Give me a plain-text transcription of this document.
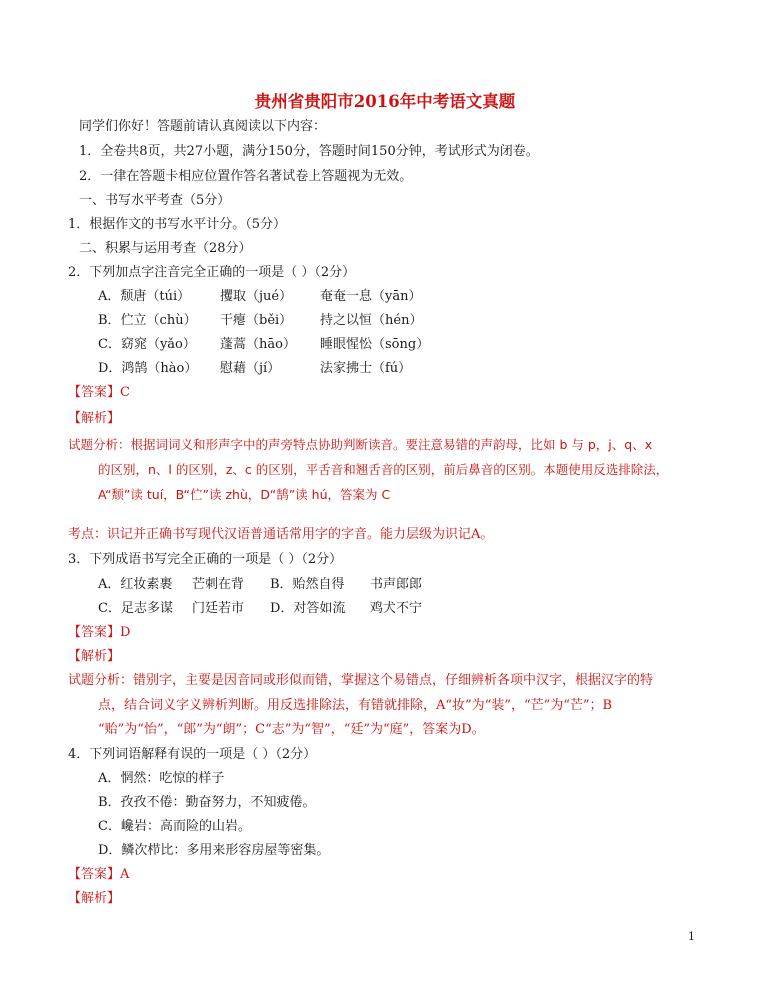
贵州省贵阳市2016年中考语文真题
同学们你好！答题前请认真阅读以下内容：
1．全卷共8页，共27小题，满分150分，答题时间150分钟，考试形式为闭卷。
2．一律在答题卡相应位置作答名著试卷上答题视为无效。
一、书写水平考查（5分）
1．根据作文的书写水平计分。（5分）
二、积累与运用考查（28分）
2．下列加点字注音完全正确的一项是（ ）（2分）
A．颓唐（túi） 攫取（jué） 奄奄一息（yān）
B．伫立（chù） 干瘪（běi） 持之以恒（hén）
C．窈窕（yǎo） 蓬蒿（hāo） 睡眼惺忪（sōng）
D．鸿鹄（hào） 慰藉（jí）	法家拂士（fú）
【答案】C
【解析】
试题分析：根据词词义和形声字中的声旁特点协助判断读音。要注意易错的声韵母，比如 b 与 p，j、q、x
的区别，n、l 的区别，z、c 的区别，平舌音和翘舌音的区别，前后鼻音的区别。本题使用反选排除法，
A“颓”读 tuí，B“伫”读 zhù，D“鹄”读 hú，答案为 C
考点：识记并正确书写现代汉语普通话常用字的字音。能力层级为识记A。
3．下列成语书写完全正确的一项是（ ）（2分）
A．红妆素裹 芒刺在背 B．贻然自得 书声郎郎
C．足志多谋 门廷若市 D．对答如流 鸡犬不宁
【答案】D
【解析】
试题分析：错别字，主要是因音同或形似而错，掌握这个易错点，仔细辨析各项中汉字，根据汉字的特
点，结合词义字义辨析判断。用反选排除法，有错就排除，A“妆”为“装”，“芒”为“芒”；B
“贻”为“怡”，“郎”为“朗”；C“志”为“智”，“廷”为“庭”，答案为D。
4．下列词语解释有误的一项是（ ）（2分）
A．惘然：吃惊的样子
B．孜孜不倦：勤奋努力，不知疲倦。
C．巉岩：高而险的山岩。
D．鳞次栉比：多用来形容房屋等密集。
【答案】A
【解析】
1
